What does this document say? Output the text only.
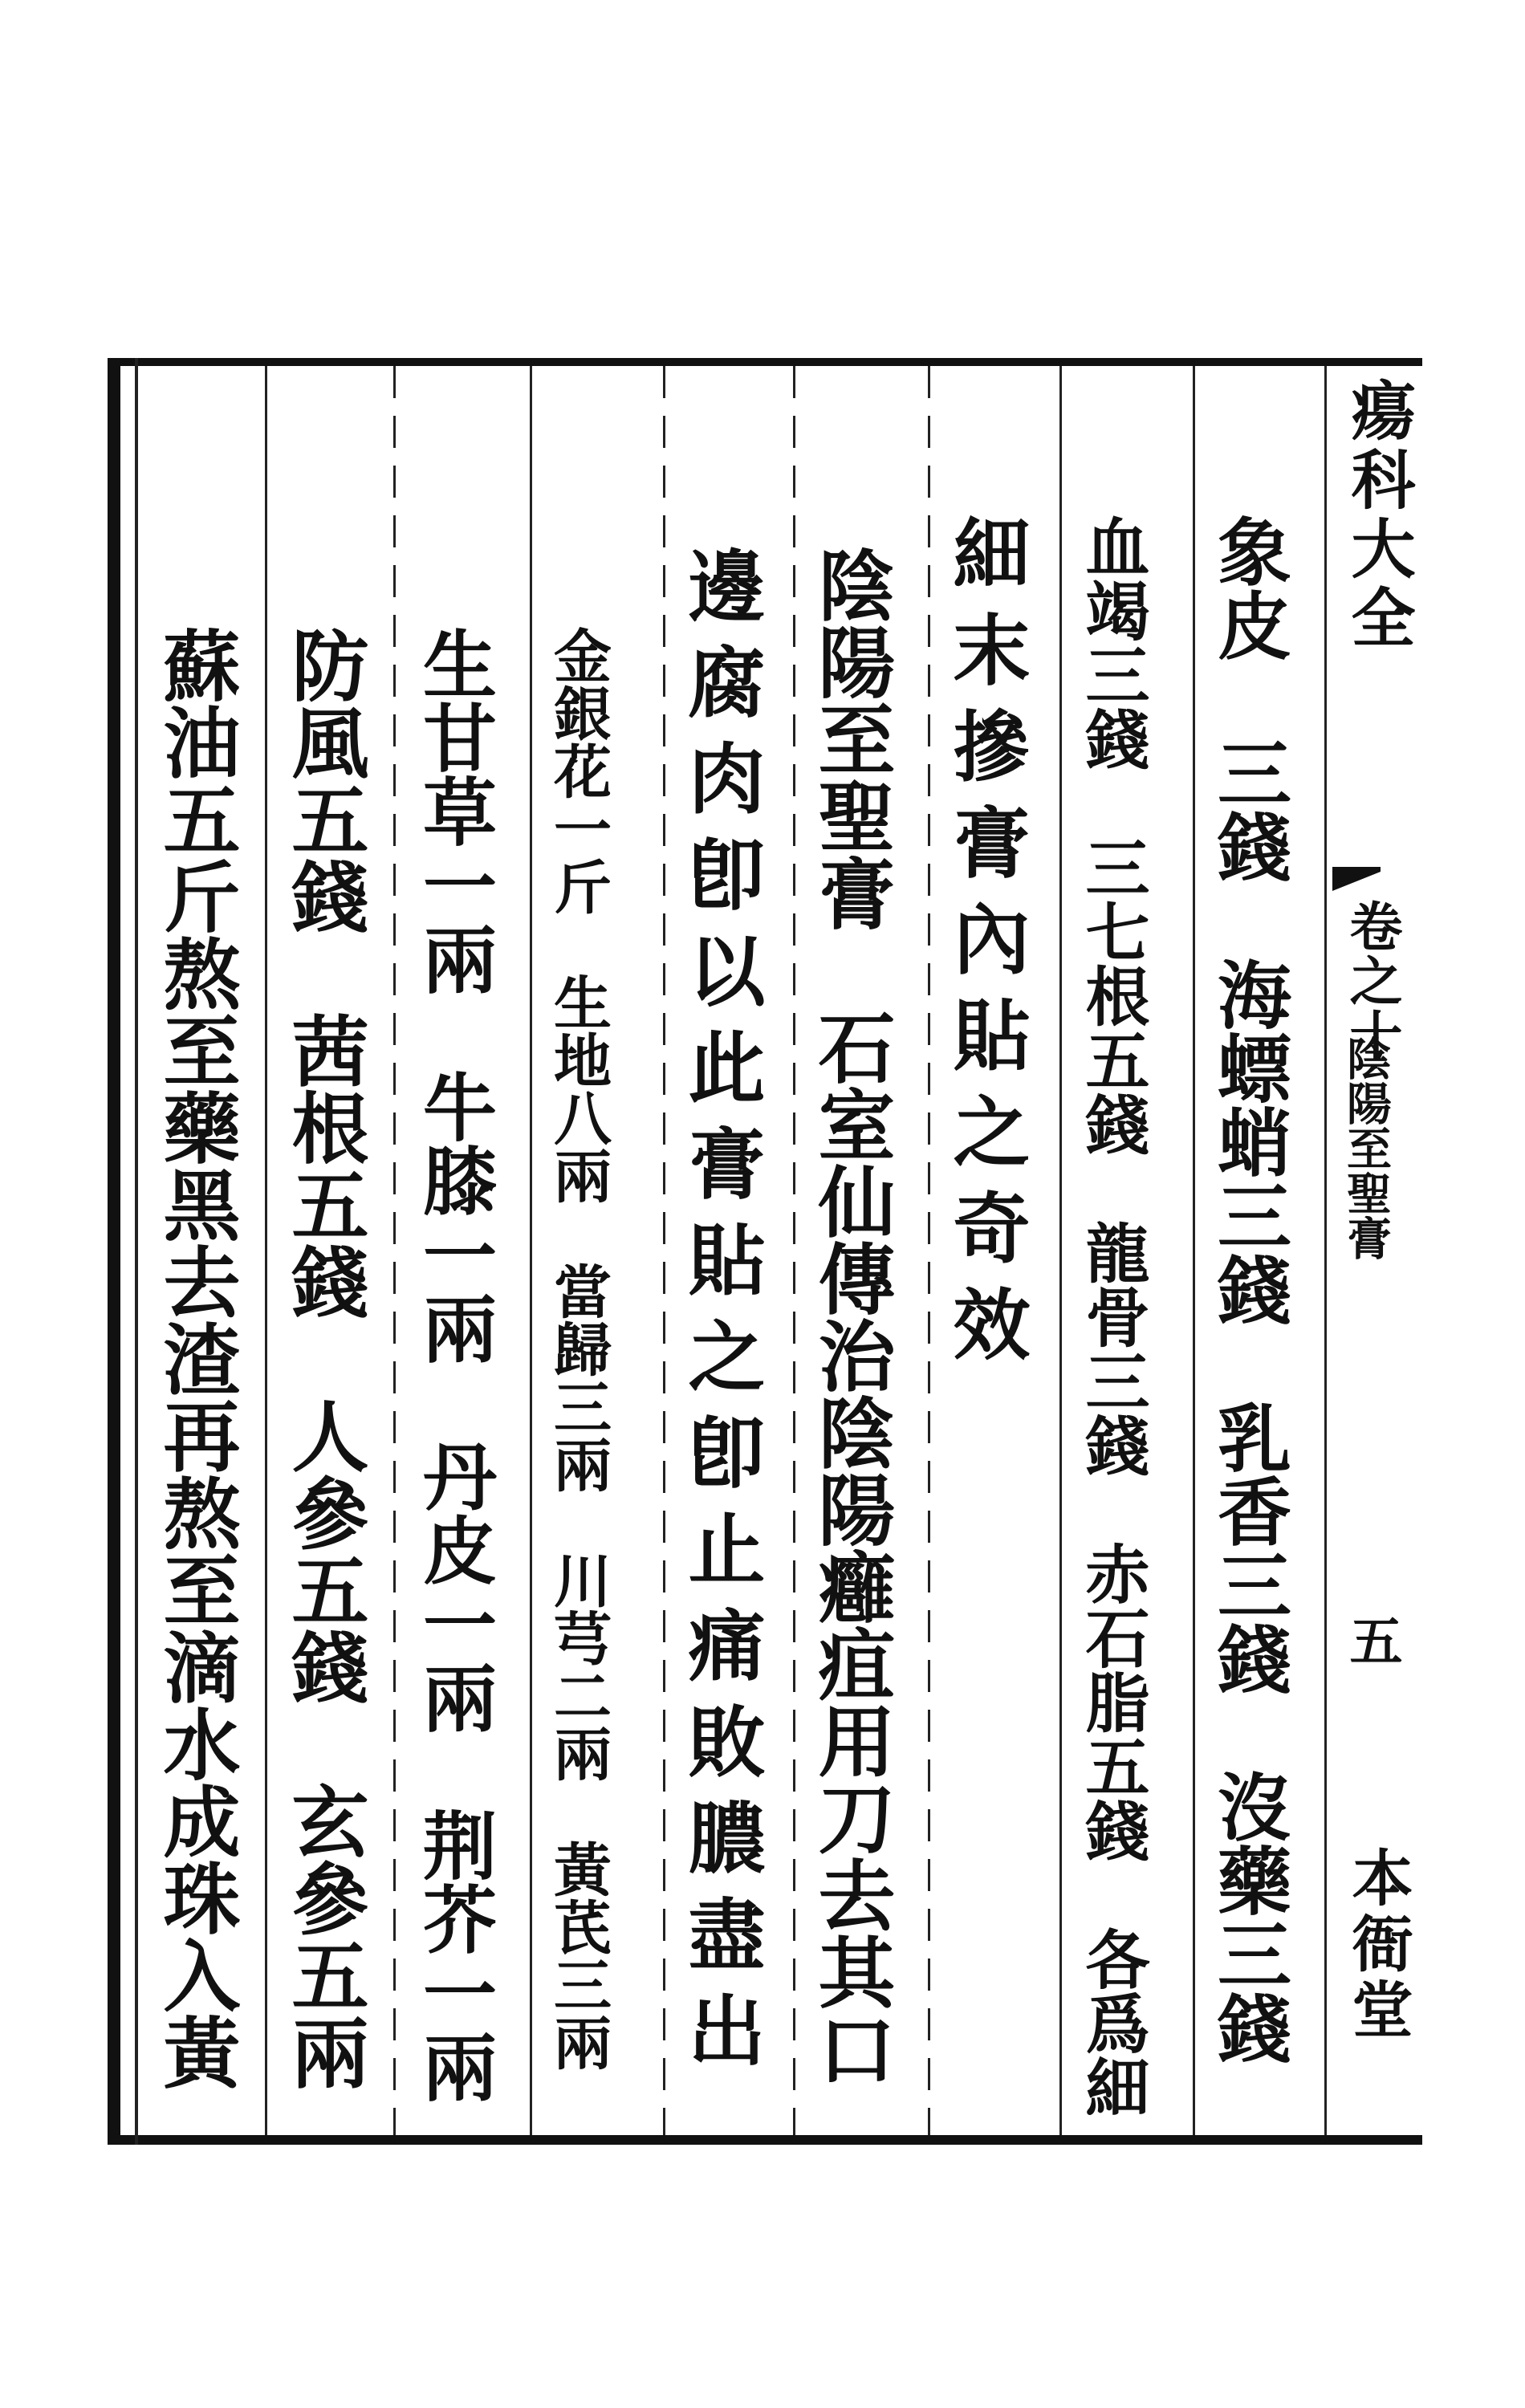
瘍科大全
卷之十
陰陽至聖膏
五
本衙堂
象皮　三錢　海螵蛸三錢　乳香三錢　沒藥三錢
血竭三錢　三七根五錢　龍骨三錢　赤石脂五錢　各爲細
細末摻膏內貼之奇效
陰陽至聖膏　石室仙傳治陰陽癰疽用刀去其口
邊腐肉卽以此膏貼之卽止痛敗膿盡出
金銀花一斤　生地八兩　當歸三兩　川芎二兩　黃芪三兩
生甘草一兩　牛膝一兩　丹皮一兩　荆芥一兩
防風五錢　茜根五錢　人參五錢　玄參五兩
蘇油五斤熬至藥黑去渣再熬至滴水成珠入黃
